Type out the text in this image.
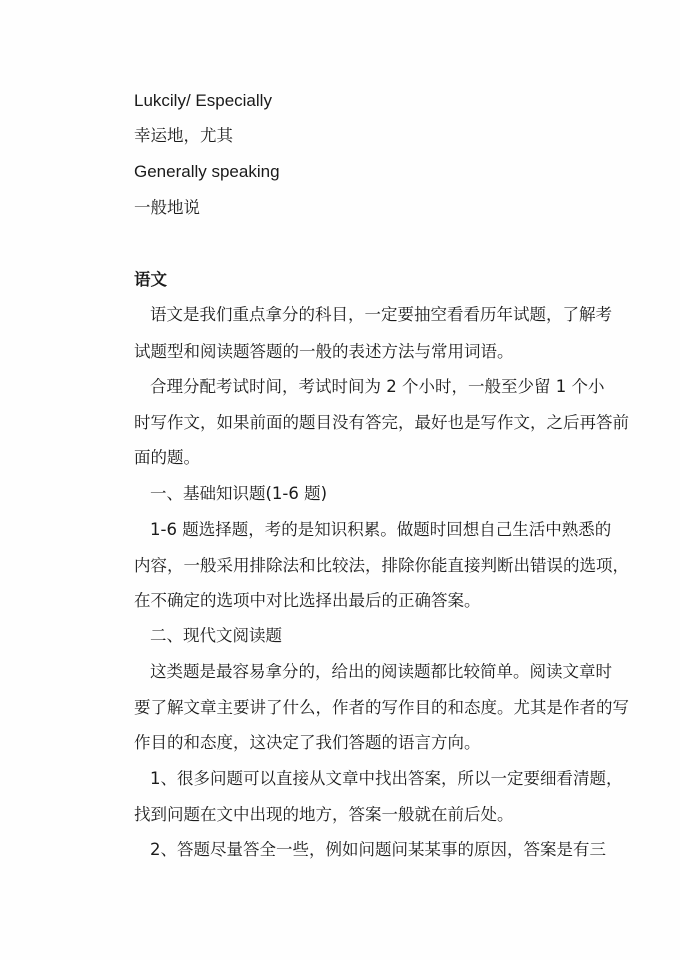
Lukcily/ Especially
幸运地，尤其
Generally speaking
一般地说
语文
语文是我们重点拿分的科目，一定要抽空看看历年试题，了解考
试题型和阅读题答题的一般的表述方法与常用词语。
合理分配考试时间，考试时间为 2 个小时，一般至少留 1 个小
时写作文，如果前面的题目没有答完，最好也是写作文，之后再答前
面的题。
一、基础知识题(1-6 题)
1-6 题选择题，考的是知识积累。做题时回想自己生活中熟悉的
内容，一般采用排除法和比较法，排除你能直接判断出错误的选项，
在不确定的选项中对比选择出最后的正确答案。
二、现代文阅读题
这类题是最容易拿分的，给出的阅读题都比较简单。阅读文章时
要了解文章主要讲了什么，作者的写作目的和态度。尤其是作者的写
作目的和态度，这决定了我们答题的语言方向。
1、很多问题可以直接从文章中找出答案，所以一定要细看清题，
找到问题在文中出现的地方，答案一般就在前后处。
2、答题尽量答全一些，例如问题问某某事的原因，答案是有三
